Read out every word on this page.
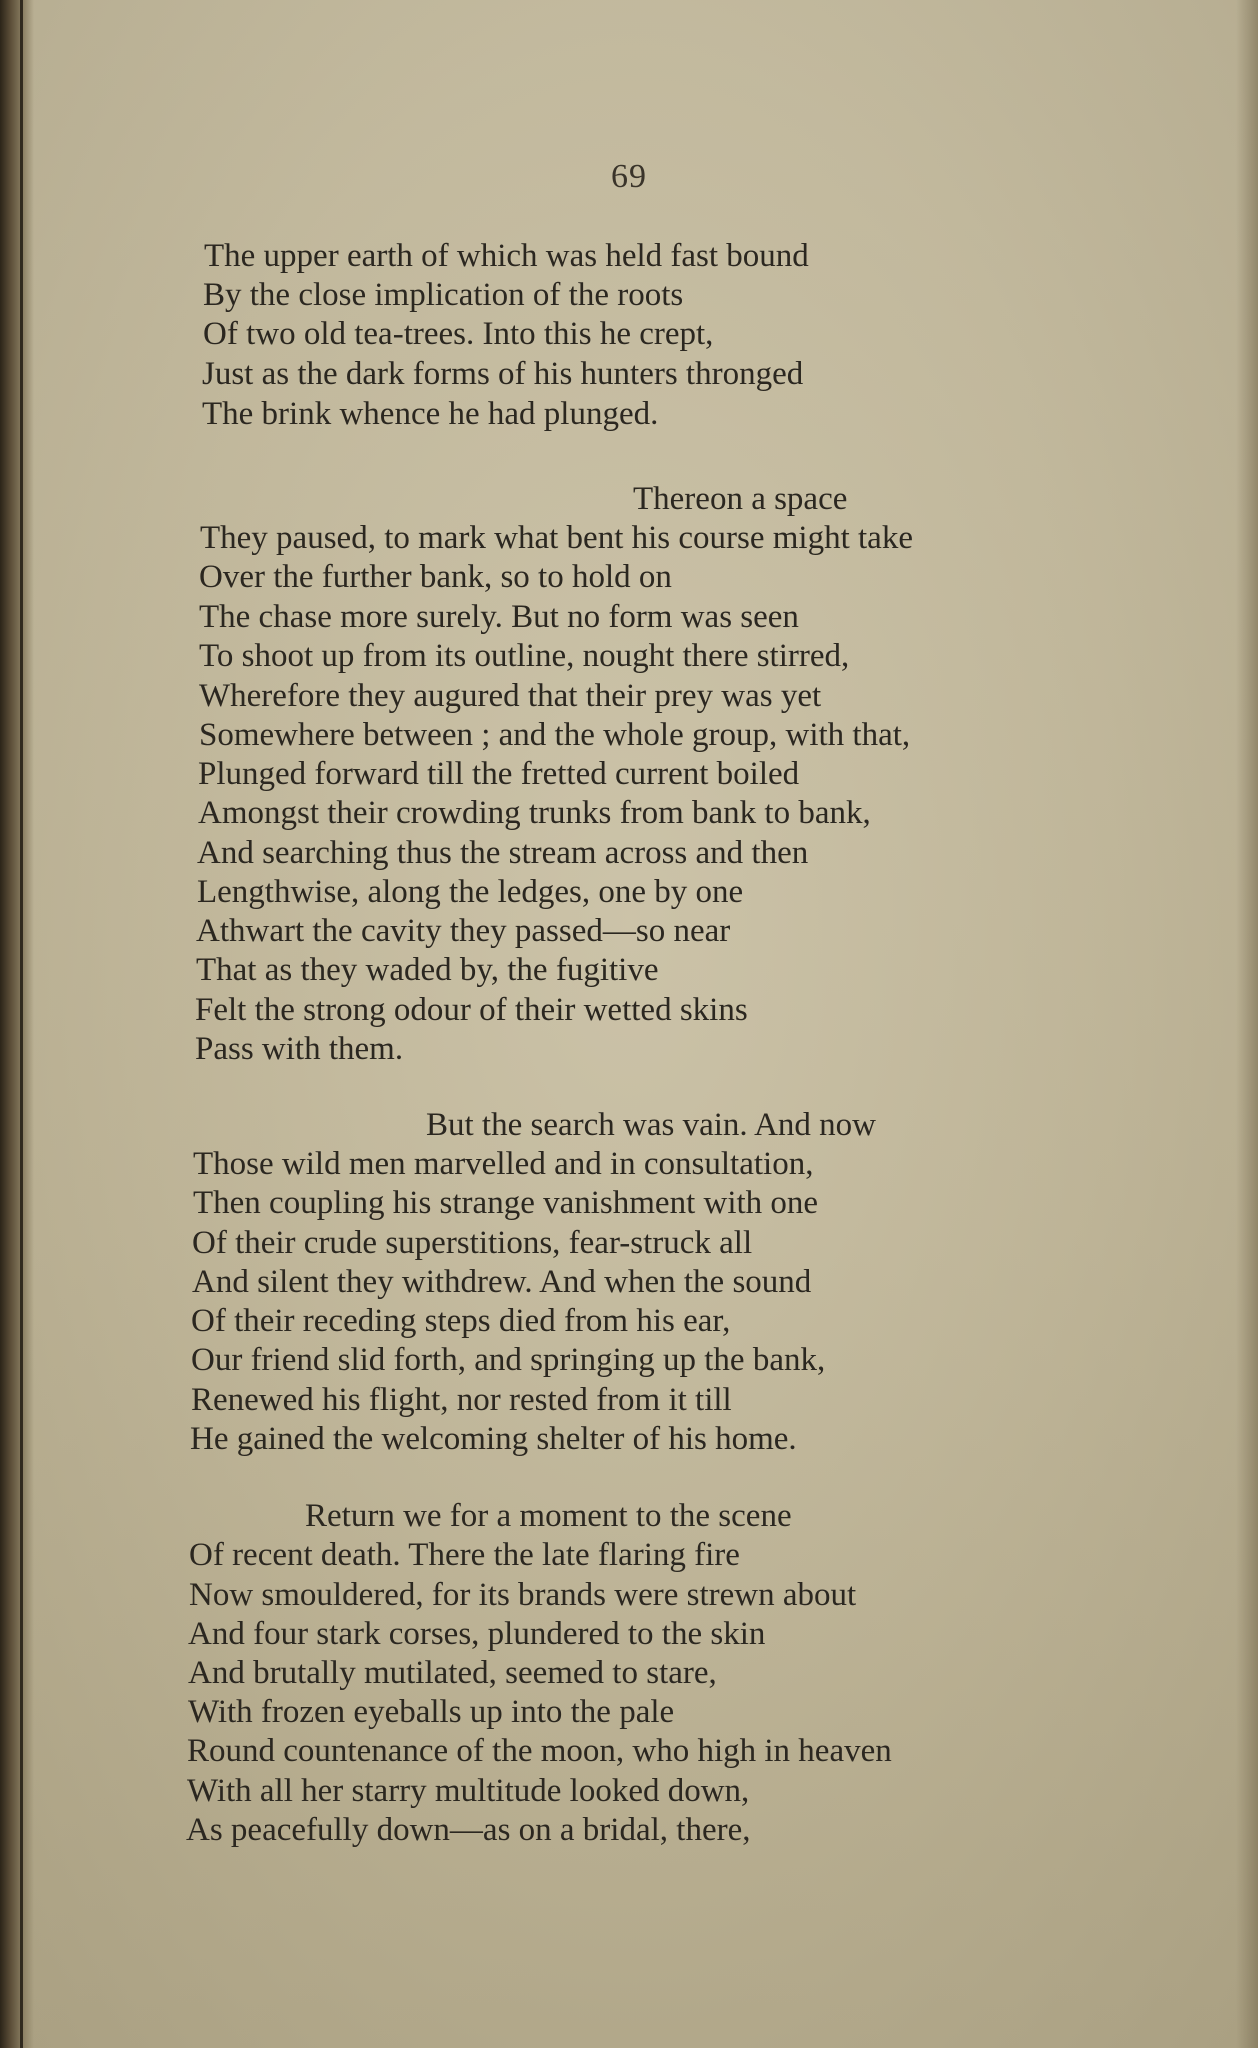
69
The upper earth of which was held fast bound
By the close implication of the roots
Of two old tea-trees. Into this he crept,
Just as the dark forms of his hunters thronged
The brink whence he had plunged.
Thereon a space
They paused, to mark what bent his course might take
Over the further bank, so to hold on
The chase more surely. But no form was seen
To shoot up from its outline, nought there stirred,
Wherefore they augured that their prey was yet
Somewhere between ; and the whole group, with that,
Plunged forward till the fretted current boiled
Amongst their crowding trunks from bank to bank,
And searching thus the stream across and then
Lengthwise, along the ledges, one by one
Athwart the cavity they passed—so near
That as they waded by, the fugitive
Felt the strong odour of their wetted skins
Pass with them.
But the search was vain. And now
Those wild men marvelled and in consultation,
Then coupling his strange vanishment with one
Of their crude superstitions, fear-struck all
And silent they withdrew. And when the sound
Of their receding steps died from his ear,
Our friend slid forth, and springing up the bank,
Renewed his flight, nor rested from it till
He gained the welcoming shelter of his home.
Return we for a moment to the scene
Of recent death. There the late flaring fire
Now smouldered, for its brands were strewn about
And four stark corses, plundered to the skin
And brutally mutilated, seemed to stare,
With frozen eyeballs up into the pale
Round countenance of the moon, who high in heaven
With all her starry multitude looked down,
As peacefully down—as on a bridal, there,
